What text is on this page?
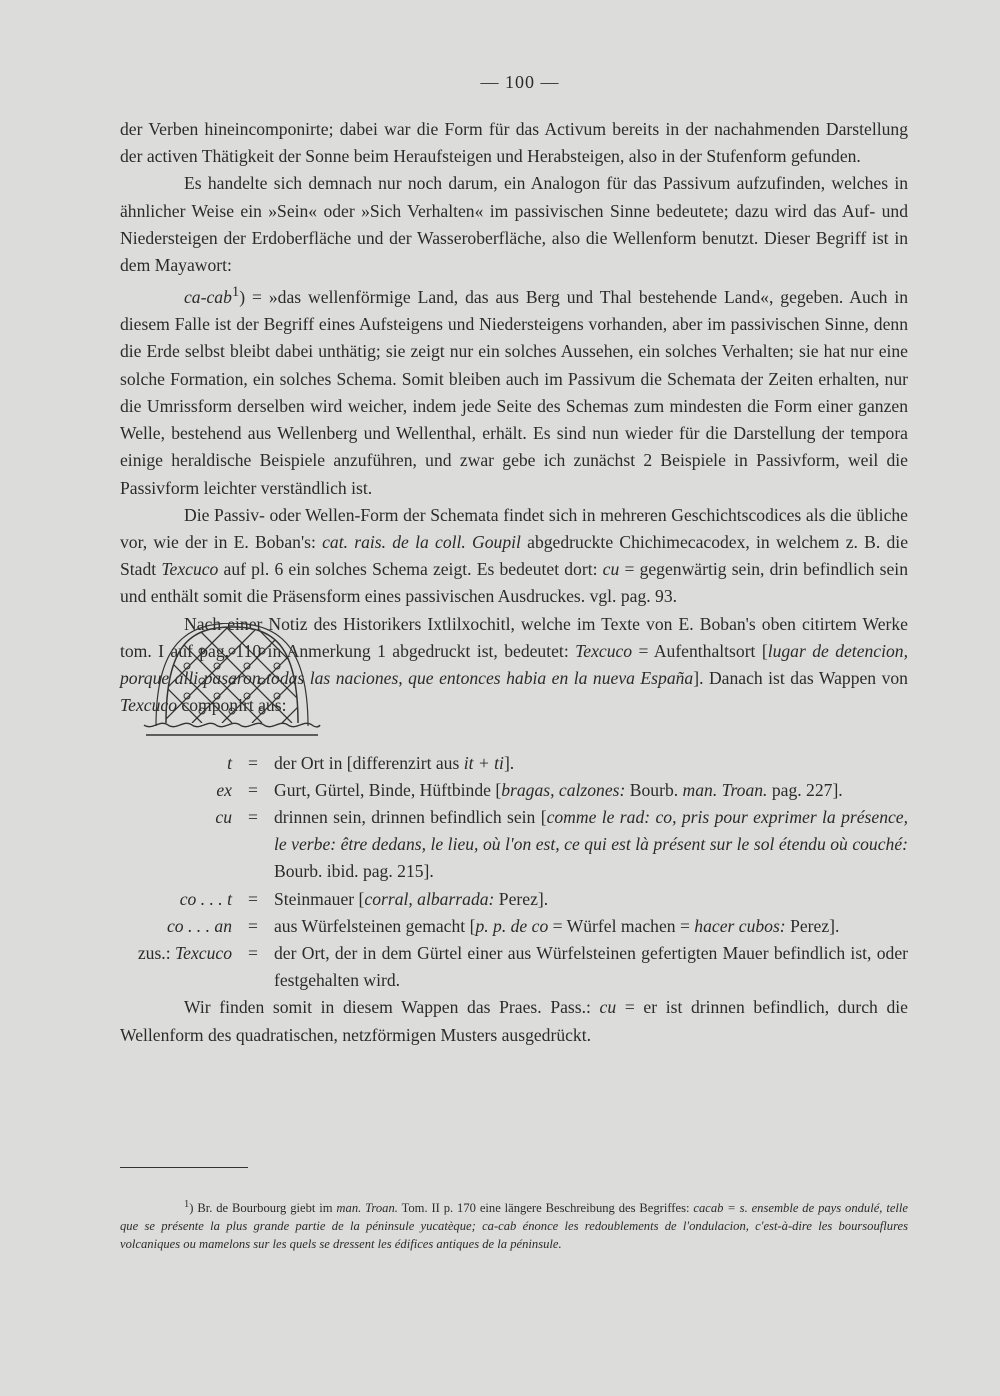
— 100 —

der Verben hineincomponirte; dabei war die Form für das Activum bereits in der nachahmenden Darstellung der activen Thätigkeit der Sonne beim Heraufsteigen und Herabsteigen, also in der Stufenform gefunden.

Es handelte sich demnach nur noch darum, ein Analogon für das Passivum aufzufinden, welches in ähnlicher Weise ein »Sein« oder »Sich Verhalten« im passivischen Sinne bedeutete; dazu wird das Auf- und Niedersteigen der Erdoberfläche und der Wasseroberfläche, also die Wellenform benutzt. Dieser Begriff ist in dem Mayawort:

ca-cab$^1$) = »das wellenförmige Land, das aus Berg und Thal bestehende Land«, gegeben. Auch in diesem Falle ist der Begriff eines Aufsteigens und Niedersteigens vorhanden, aber im passivischen Sinne, denn die Erde selbst bleibt dabei unthätig; sie zeigt nur ein solches Aussehen, ein solches Verhalten; sie hat nur eine solche Formation, ein solches Schema. Somit bleiben auch im Passivum die Schemata der Zeiten erhalten, nur die Umrissform derselben wird weicher, indem jede Seite des Schemas zum mindesten die Form einer ganzen Welle, bestehend aus Wellenberg und Wellenthal, erhält. Es sind nun wieder für die Darstellung der tempora einige heraldische Beispiele anzuführen, und zwar gebe ich zunächst 2 Beispiele in Passivform, weil die Passivform leichter verständlich ist.

Die Passiv- oder Wellen-Form der Schemata findet sich in mehreren Geschichtscodices als die übliche vor, wie der in E. Boban's: cat. rais. de la coll. Goupil abgedruckte Chichimecacodex, in welchem z. B. die Stadt Texcuco auf pl. 6 ein solches Schema zeigt. Es bedeutet dort: cu = gegenwärtig sein, drin befindlich sein und enthält somit die Präsensform eines passivischen Ausdruckes. vgl. pag. 93.

Nach einer Notiz des Historikers Ixtlilxochitl, welche im Texte von E. Boban's oben citirtem Werke tom. I auf pag. 110 in Anmerkung 1 abgedruckt ist, bedeutet: Texcuco = Aufenthaltsort [lugar de detencion, porque alli pasaron todas las naciones, que entonces habia en la nueva España]. Danach ist das Wappen von Texcuco componirt aus:

t = der Ort in [differenzirt aus it + ti].
ex = Gurt, Gürtel, Binde, Hüftbinde [bragas, calzones: Bourb. man. Troan. pag. 227].
cu = drinnen sein, drinnen befindlich sein [comme le rad: co, pris pour exprimer la présence, le verbe: être dedans, le lieu, où l'on est, ce qui est là présent sur le sol étendu où couché: Bourb. ibid. pag. 215].
co . . . t = Steinmauer [corral, albarrada: Perez].
co . . . an = aus Würfelsteinen gemacht [p. p. de co = Würfel machen = hacer cubos: Perez].
zus.: Texcuco = der Ort, der in dem Gürtel einer aus Würfelsteinen gefertigten Mauer befindlich ist, oder festgehalten wird.

Wir finden somit in diesem Wappen das Praes. Pass.: cu = er ist drinnen befindlich, durch die Wellenform des quadratischen, netzförmigen Musters ausgedrückt.

$^1$) Br. de Bourbourg giebt im man. Troan. Tom. II p. 170 eine längere Beschreibung des Begriffes: cacab = s. ensemble de pays ondulé, telle que se présente la plus grande partie de la péninsule yucatèque; ca-cab énonce les redoublements de l'ondulacion, c'est-à-dire les boursouflures volcaniques ou mamelons sur les quels se dressent les édifices antiques de la péninsule.
